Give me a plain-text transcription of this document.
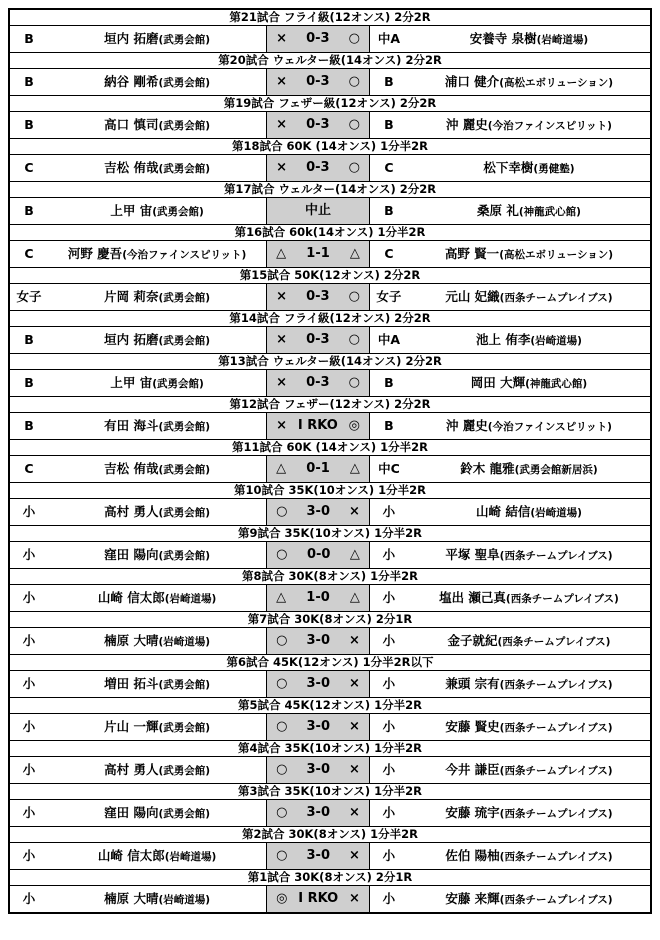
第21試合 フライ級(12オンス) 2分2R
B	垣内 拓磨(武勇会館)	×	0-3	○	中A	安養寺 泉樹(岩崎道場)
第20試合 ウェルター級(14オンス) 2分2R
B	納谷 剛希(武勇会館)	×	0-3	○	B	浦口 健介(高松エボリューション)
第19試合 フェザー級(12オンス) 2分2R
B	高口 慎司(武勇会館)	×	0-3	○	B	沖 麗史(今治ファインスピリット)
第18試合 60K (14オンス) 1分半2R
C	吉松 侑哉(武勇会館)	×	0-3	○	C	松下幸樹(勇健塾)
第17試合 ウェルター(14オンス) 2分2R
B	上甲 宙(武勇会館)	中止	B	桑原 礼(神龍武心館)
第16試合 60k(14オンス) 1分半2R
C	河野 慶吾(今治ファインスピリット)	△	1-1	△	C	高野 賢一(高松エボリューション)
第15試合 50K(12オンス) 2分2R
女子	片岡 莉奈(武勇会館)	×	0-3	○	女子	元山 妃織(西条チームプレイブス)
第14試合 フライ級(12オンス) 2分2R
B	垣内 拓磨(武勇会館)	×	0-3	○	中A	池上 侑李(岩崎道場)
第13試合 ウェルター級(14オンス) 2分2R
B	上甲 宙(武勇会館)	×	0-3	○	B	岡田 大輝(神龍武心館)
第12試合 フェザー(12オンス) 2分2R
B	有田 海斗(武勇会館)	× I RKO ◎	B	沖 麗史(今治ファインスピリット)
第11試合 60K (14オンス) 1分半2R
C	吉松 侑哉(武勇会館)	△	0-1	△	中C	鈴木 龍雅(武勇会館新居浜)
第10試合 35K(10オンス) 1分半2R
小	高村 勇人(武勇会館)	○	3-0	×	小	山崎 結信(岩崎道場)
第9試合 35K(10オンス) 1分半2R
小	窪田 陽向(武勇会館)	○	0-0	△	小	平塚 聖阜(西条チームプレイブス)
第8試合 30K(8オンス) 1分半2R
小	山崎 信太郎(岩崎道場)	△	1-0	△	小	塩出 瀬己真(西条チームプレイブス)
第7試合 30K(8オンス) 2分1R
小	楠原 大晴(岩崎道場)	○	3-0	×	小	金子就紀(西条チームプレイブス)
第6試合 45K(12オンス) 1分半2R以下
小	増田 拓斗(武勇会館)	○	3-0	×	小	兼頭 宗有(西条チームプレイブス)
第5試合 45K(12オンス) 1分半2R
小	片山 一輝(武勇会館)	○	3-0	×	小	安藤 賢史(西条チームプレイブス)
第4試合 35K(10オンス) 1分半2R
小	高村 勇人(武勇会館)	○	3-0	×	小	今井 謙臣(西条チームプレイブス)
第3試合 35K(10オンス) 1分半2R
小	窪田 陽向(武勇会館)	○	3-0	×	小	安藤 琉宇(西条チームプレイブス)
第2試合 30K(8オンス) 1分半2R
小	山崎 信太郎(岩崎道場)	○	3-0	×	小	佐伯 陽柚(西条チームプレイブス)
第1試合 30K(8オンス) 2分1R
小	楠原 大晴(岩崎道場)	◎ I RKO ×	小	安藤 来輝(西条チームプレイブス)
